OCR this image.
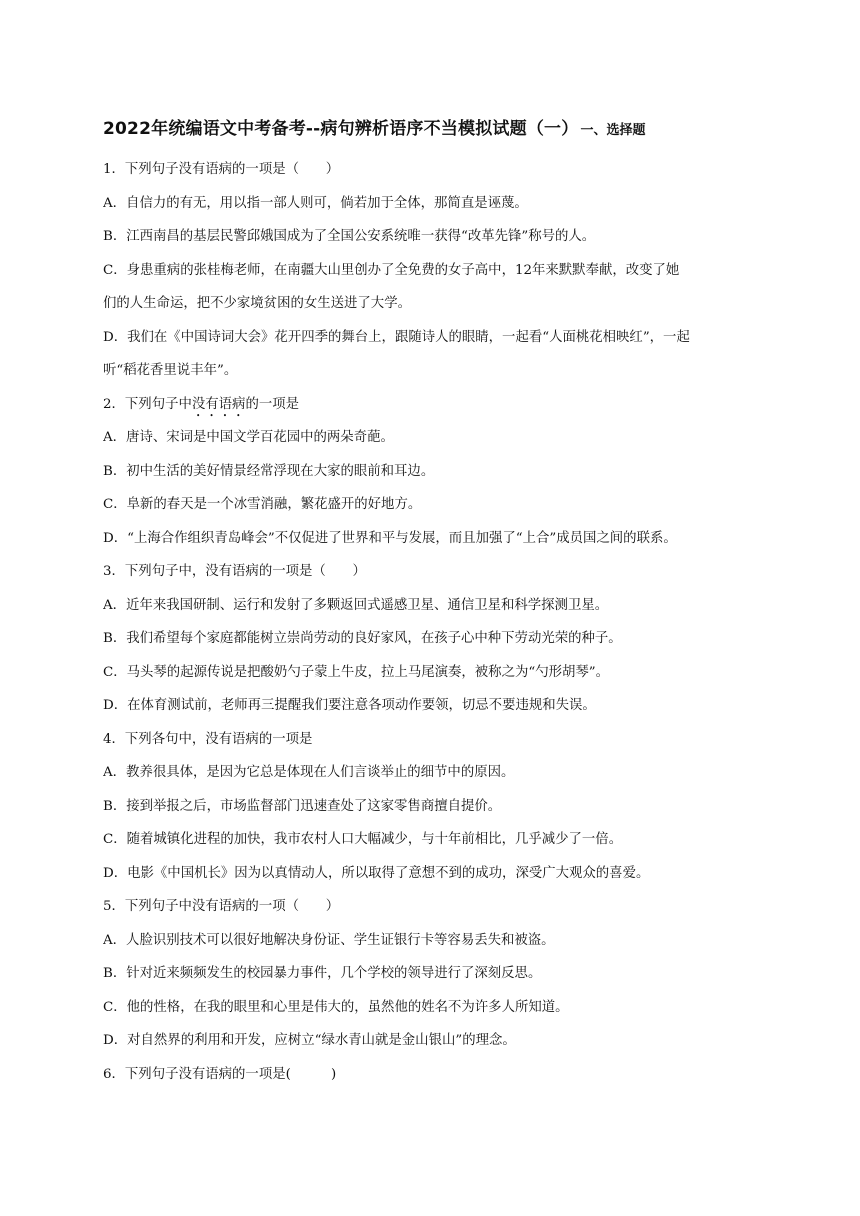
2022年统编语文中考备考--病句辨析语序不当模拟试题（一） 一、选择题
1．下列句子没有语病的一项是（　　）
A．自信力的有无，用以指一部人则可，倘若加于全体，那简直是诬蔑。
B．江西南昌的基层民警邱娥国成为了全国公安系统唯一获得“改革先锋”称号的人。
C．身患重病的张桂梅老师，在南疆大山里创办了全免费的女子高中，12年来默默奉献，改变了她
们的人生命运，把不少家境贫困的女生送进了大学。
D．我们在《中国诗词大会》花开四季的舞台上，跟随诗人的眼睛，一起看“人面桃花相映红”，一起
听“稻花香里说丰年”。
2．下列句子中没有语病的一项是
A．唐诗、宋词是中国文学百花园中的两朵奇葩。
B．初中生活的美好情景经常浮现在大家的眼前和耳边。
C．阜新的春天是一个冰雪消融，繁花盛开的好地方。
D．“上海合作组织青岛峰会”不仅促进了世界和平与发展，而且加强了“上合”成员国之间的联系。
3．下列句子中，没有语病的一项是（　　）
A．近年来我国研制、运行和发射了多颗返回式遥感卫星、通信卫星和科学探测卫星。
B．我们希望每个家庭都能树立崇尚劳动的良好家风，在孩子心中种下劳动光荣的种子。
C．马头琴的起源传说是把酸奶勺子蒙上牛皮，拉上马尾演奏，被称之为“勺形胡琴”。
D．在体育测试前，老师再三提醒我们要注意各项动作要领，切忌不要违规和失误。
4．下列各句中，没有语病的一项是
A．教养很具体，是因为它总是体现在人们言谈举止的细节中的原因。
B．接到举报之后，市场监督部门迅速查处了这家零售商擅自提价。
C．随着城镇化进程的加快，我市农村人口大幅减少，与十年前相比，几乎减少了一倍。
D．电影《中国机长》因为以真情动人，所以取得了意想不到的成功，深受广大观众的喜爱。
5．下列句子中没有语病的一项（　　）
A．人脸识别技术可以很好地解决身份证、学生证银行卡等容易丢失和被盗。
B．针对近来频频发生的校园暴力事件，几个学校的领导进行了深刻反思。
C．他的性格，在我的眼里和心里是伟大的，虽然他的姓名不为许多人所知道。
D．对自然界的利用和开发，应树立“绿水青山就是金山银山”的理念。
6．下列句子没有语病的一项是(　　　)
